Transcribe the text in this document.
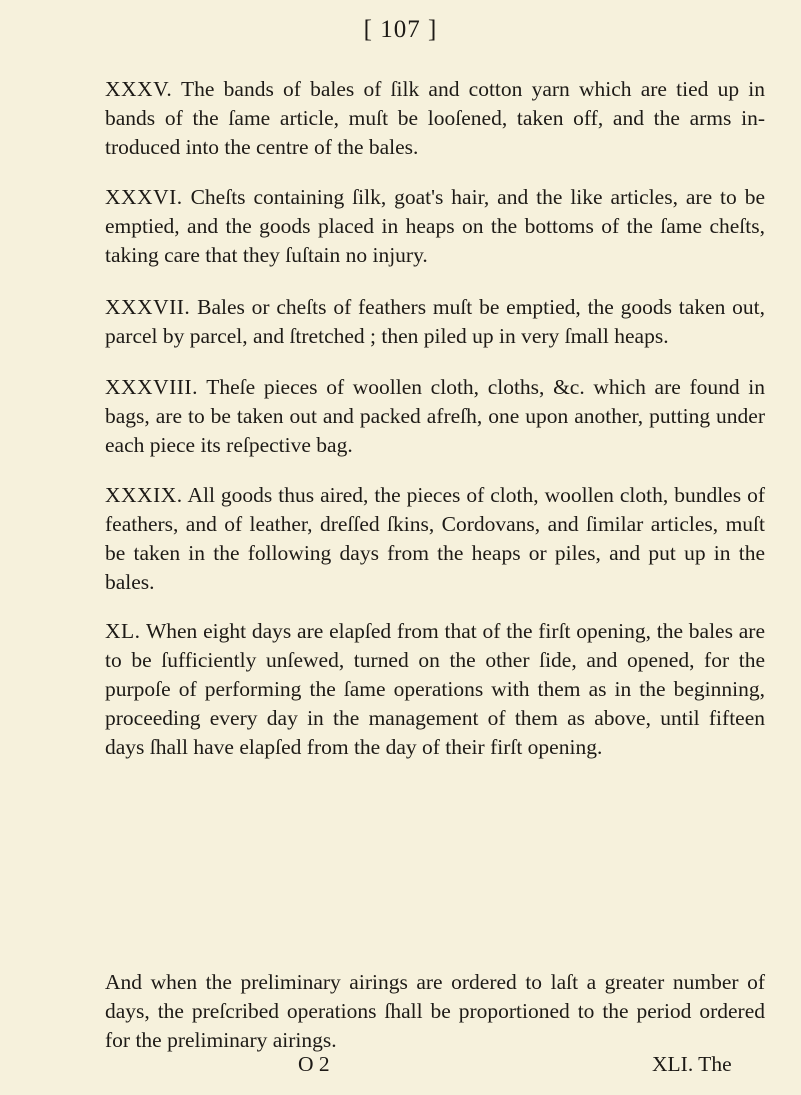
[ 107 ]

XXXV. The bands of bales of ſilk and cotton yarn which are tied up in bands of the ſame article, muſt be looſened, taken off, and the arms introduced into the centre of the bales.

XXXVI. Cheſts containing ſilk, goat's hair, and the like articles, are to be emptied, and the goods placed in heaps on the bottoms of the ſame cheſts, taking care that they ſuſtain no injury.

XXXVII. Bales or cheſts of feathers muſt be emptied, the goods taken out, parcel by parcel, and ſtretched ; then piled up in very ſmall heaps.

XXXVIII. Theſe pieces of woollen cloth, cloths, &c. which are found in bags, are to be taken out and packed afreſh, one upon another, putting under each piece its reſpective bag.

XXXIX. All goods thus aired, the pieces of cloth, woollen cloth, bundles of feathers, and of leather, dreſſed ſkins, Cordovans, and ſimilar articles, muſt be taken in the following days from the heaps or piles, and put up in the bales.

XL. When eight days are elapſed from that of the firſt opening, the bales are to be ſufficiently unſewed, turned on the other ſide, and opened, for the purpoſe of performing the ſame operations with them as in the beginning, proceeding every day in the management of them as above, until fifteen days ſhall have elapſed from the day of their firſt opening.

And when the preliminary airings are ordered to laſt a greater number of days, the preſcribed operations ſhall be proportioned to the period ordered for the preliminary airings.

O 2	XLI. The
